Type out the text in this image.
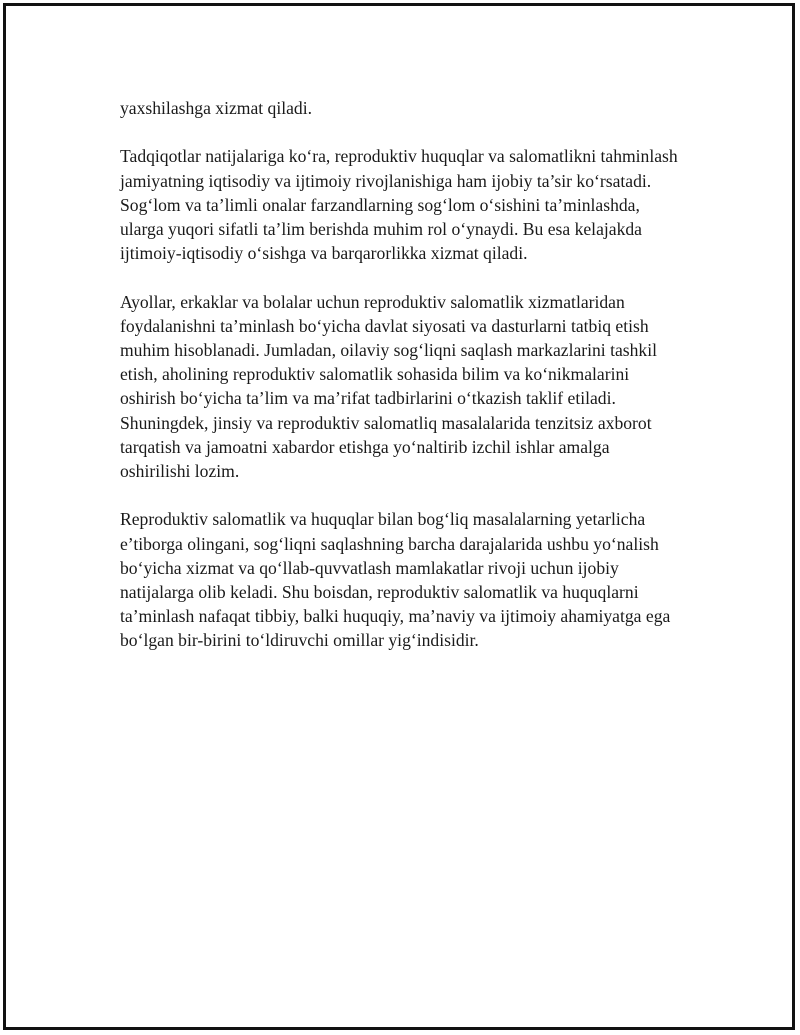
yaxshilashga xizmat qiladi.

Tadqiqotlar natijalariga ko‘ra, reproduktiv huquqlar va salomatlikni tahminlash jamiyatning iqtisodiy va ijtimoiy rivojlanishiga ham ijobiy ta’sir ko‘rsatadi. Sog‘lom va ta’limli onalar farzandlarning sog‘lom o‘sishini ta’minlashda, ularga yuqori sifatli ta’lim berishda muhim rol o‘ynaydi. Bu esa kelajakda ijtimoiy-iqtisodiy o‘sishga va barqarorlikka xizmat qiladi.

Ayollar, erkaklar va bolalar uchun reproduktiv salomatlik xizmatlaridan foydalanishni ta’minlash bo‘yicha davlat siyosati va dasturlarni tatbiq etish muhim hisoblanadi. Jumladan, oilaviy sog‘liqni saqlash markazlarini tashkil etish, aholining reproduktiv salomatlik sohasida bilim va ko‘nikmalarini oshirish bo‘yicha ta’lim va ma’rifat tadbirlarini o‘tkazish taklif etiladi. Shuningdek, jinsiy va reproduktiv salomatliq masalalarida tenzitsiz axborot tarqatish va jamoatni xabardor etishga yo‘naltirib izchil ishlar amalga oshirilishi lozim.

Reproduktiv salomatlik va huquqlar bilan bog‘liq masalalarning yetarlicha e’tiborga olingani, sog‘liqni saqlashning barcha darajalarida ushbu yo‘nalish bo‘yicha xizmat va qo‘llab-quvvatlash mamlakatlar rivoji uchun ijobiy natijalarga olib keladi. Shu boisdan, reproduktiv salomatlik va huquqlarni ta’minlash nafaqat tibbiy, balki huquqiy, ma’naviy va ijtimoiy ahamiyatga ega bo‘lgan bir-birini to‘ldiruvchi omillar yig‘indisidir.
